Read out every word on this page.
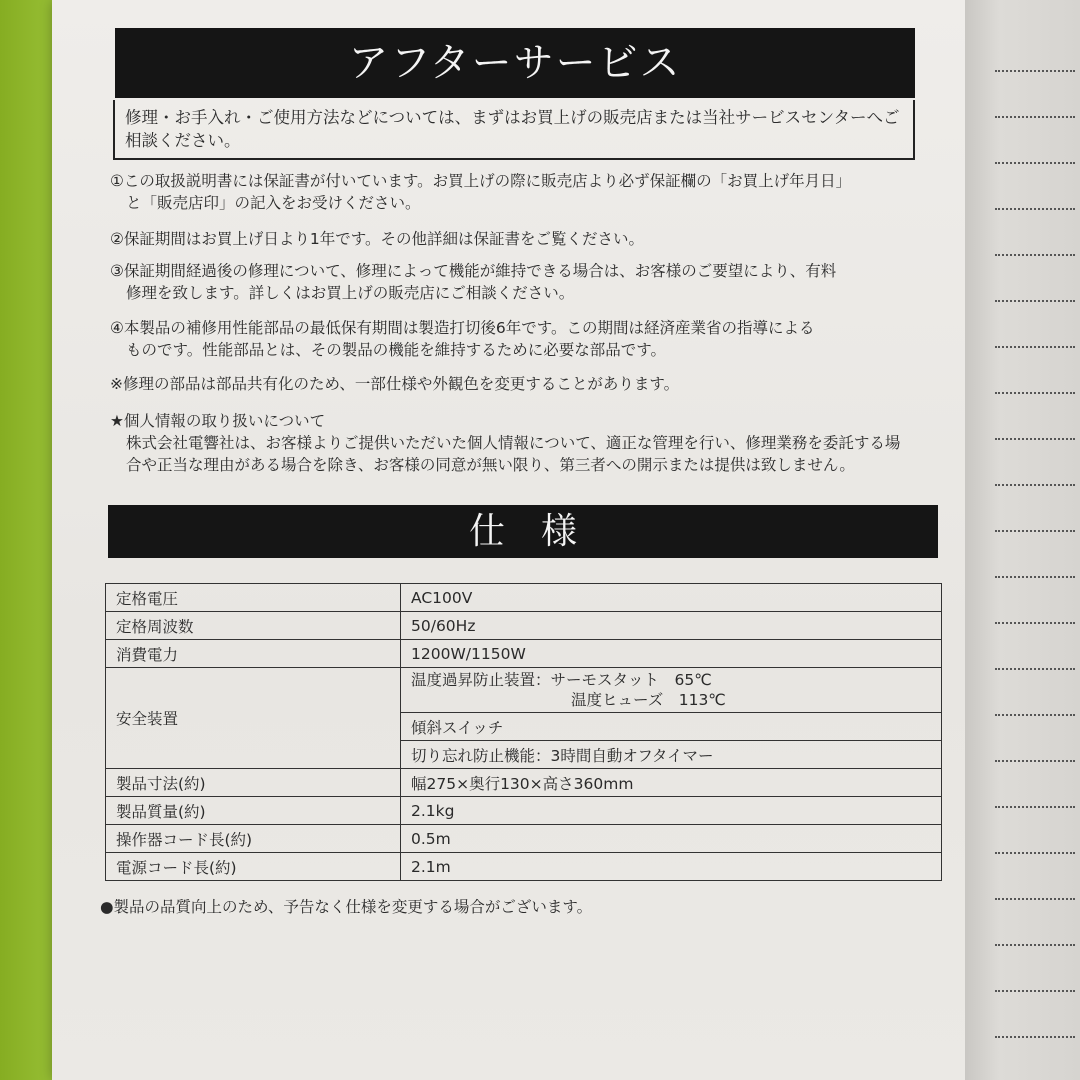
アフターサービス
修理・お手入れ・ご使用方法などについては、まずはお買上げの販売店または当社サービスセンターへご相談ください。
①この取扱説明書には保証書が付いています。お買上げの際に販売店より必ず保証欄の「お買上げ年月日」
と「販売店印」の記入をお受けください。
②保証期間はお買上げ日より1年です。その他詳細は保証書をご覧ください。
③保証期間経過後の修理について、修理によって機能が維持できる場合は、お客様のご要望により、有料
修理を致します。詳しくはお買上げの販売店にご相談ください。
④本製品の補修用性能部品の最低保有期間は製造打切後6年です。この期間は経済産業省の指導による
ものです。性能部品とは、その製品の機能を維持するために必要な部品です。
※修理の部品は部品共有化のため、一部仕様や外観色を変更することがあります。
★個人情報の取り扱いについて
株式会社電響社は、お客様よりご提供いただいた個人情報について、適正な管理を行い、修理業務を委託する場合や正当な理由がある場合を除き、お客様の同意が無い限り、第三者への開示または提供は致しません。
仕　様
定格電圧	AC100V
定格周波数	50/60Hz
消費電力	1200W/1150W
安全装置	温度過昇防止装置：サーモスタット　65℃
温度ヒューズ　113℃

	傾斜スイッチ
	切り忘れ防止機能：3時間自動オフタイマー
製品寸法(約)	幅275×奥行130×高さ360mm
製品質量(約)	2.1kg
操作器コード長(約)	0.5m
電源コード長(約)	2.1m
●製品の品質向上のため、予告なく仕様を変更する場合がございます。
